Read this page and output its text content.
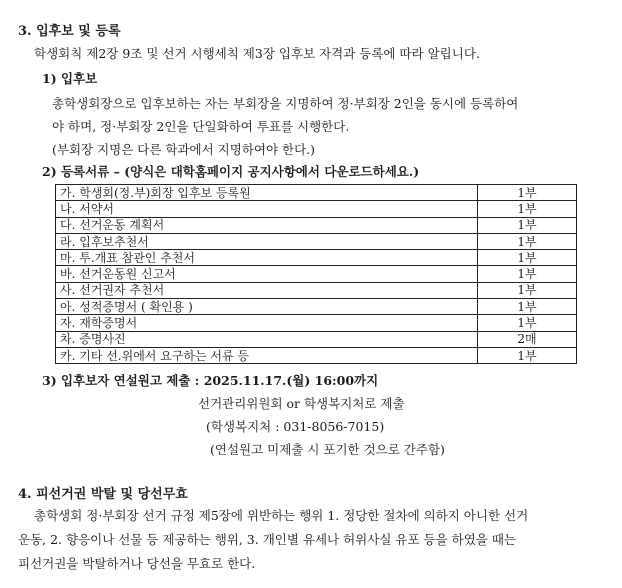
3. 입후보 및 등록
학생회칙 제2장 9조 및 선거 시행세칙 제3장 입후보 자격과 등록에 따라 알립니다.
1) 입후보
총학생회장으로 입후보하는 자는 부회장을 지명하여 정·부회장 2인을 동시에 등록하여
야 하며, 정·부회장 2인을 단일화하여 투표를 시행한다.
(부회장 지명은 다른 학과에서 지명하여야 한다.)
2) 등록서류 – (양식은 대학홈페이지 공지사항에서 다운로드하세요.)
가. 학생회(정.부)회장 입후보 등록원	1부
나. 서약서	1부
다. 선거운동 계획서	1부
라. 입후보추천서	1부
마. 투.개표 참관인 추천서	1부
바. 선거운동원 신고서	1부
사. 선거권자 추천서	1부
아. 성적증명서 ( 확인용 )	1부
자. 재학증명서	1부
차. 증명사진	2매
카. 기타 선.위에서 요구하는 서류 등	1부
3) 입후보자 연설원고 제출 : 2025.11.17.(월) 16:00까지
선거관리위원회 or 학생복지처로 제출
(학생복지처 : 031-8056-7015)
(연설원고 미제출 시 포기한 것으로 간주함)
4. 피선거권 박탈 및 당선무효
총학생회 정·부회장 선거 규정 제5장에 위반하는 행위 1. 정당한 절차에 의하지 아니한 선거
운동, 2. 향응이나 선물 등 제공하는 행위, 3. 개인별 유세나 허위사실 유포 등을 하였을 때는
피선거권을 박탈하거나 당선을 무효로 한다.
